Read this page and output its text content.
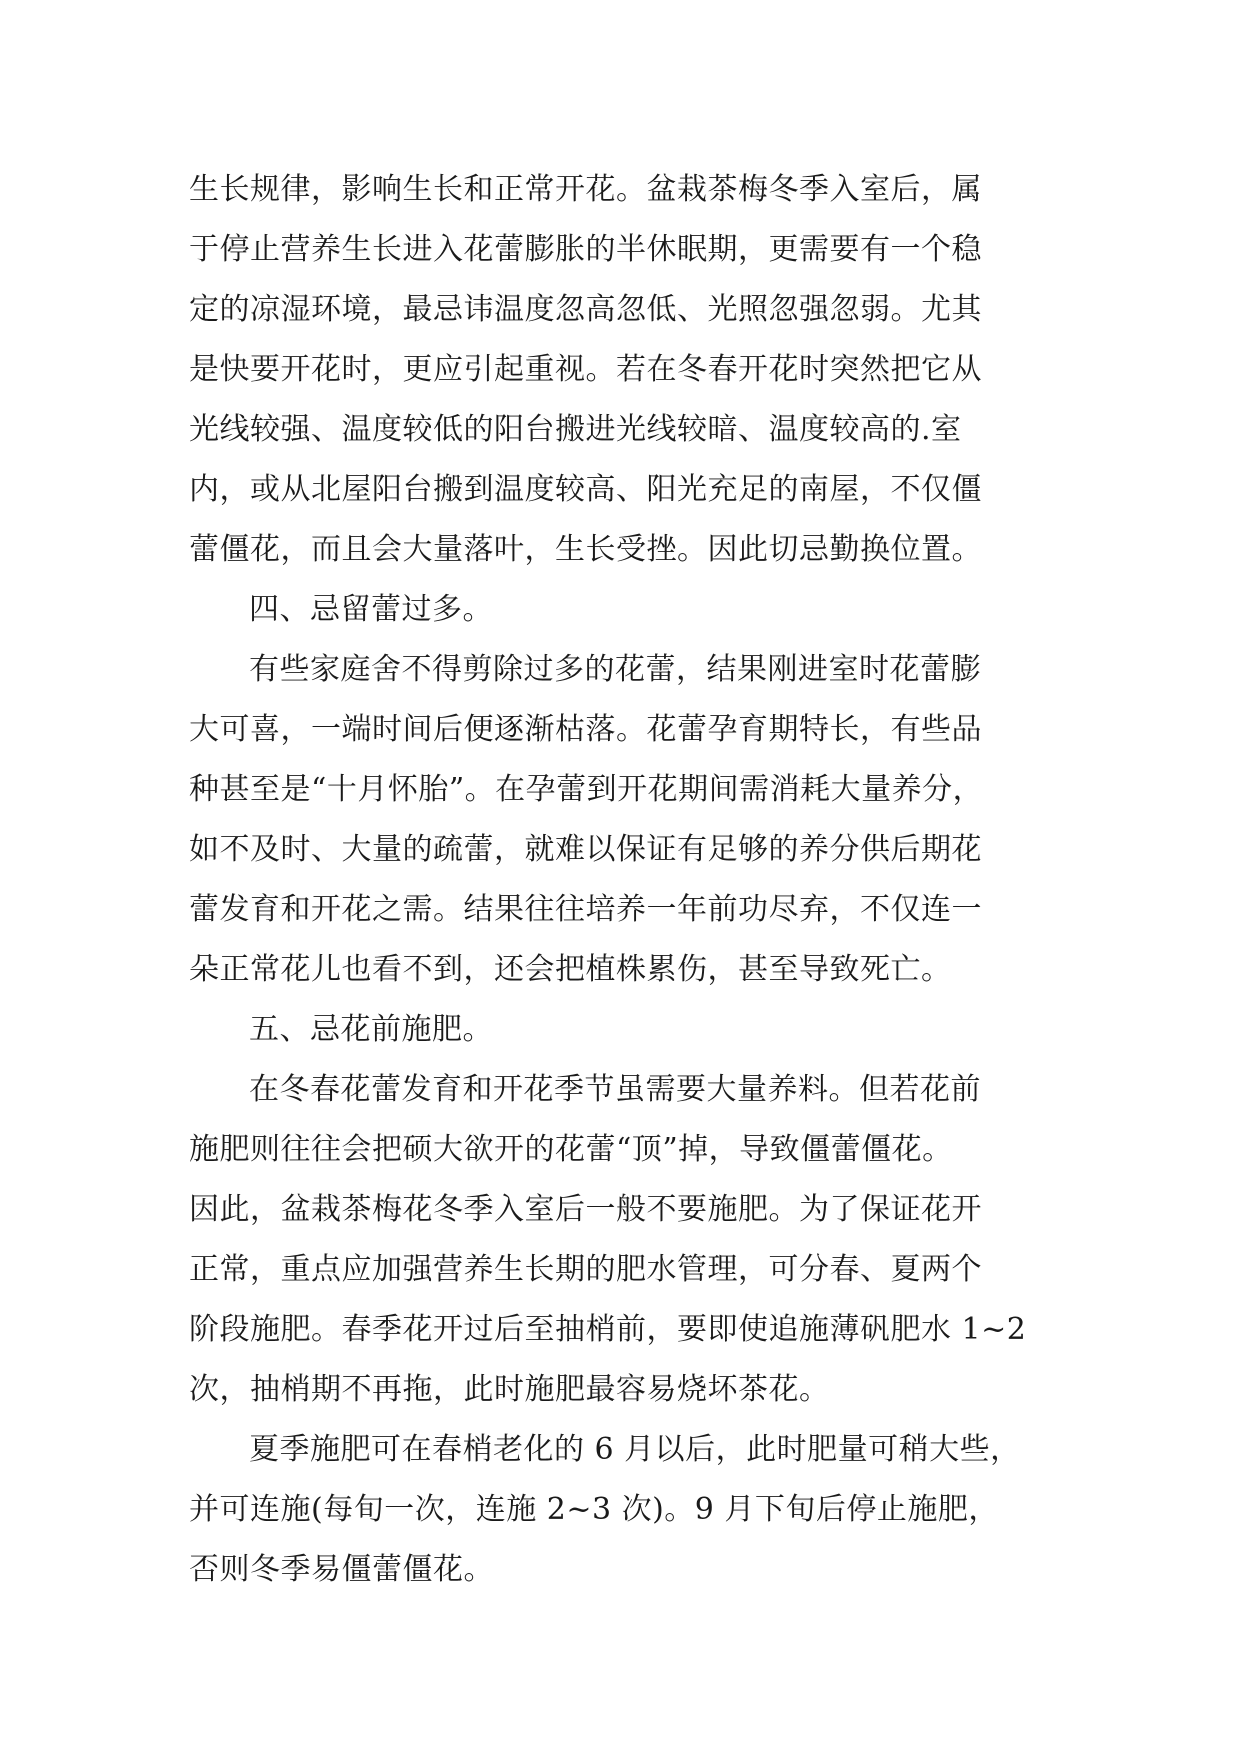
生长规律，影响生长和正常开花。盆栽茶梅冬季入室后，属
于停止营养生长进入花蕾膨胀的半休眠期，更需要有一个稳
定的凉湿环境，最忌讳温度忽高忽低、光照忽强忽弱。尤其
是快要开花时，更应引起重视。若在冬春开花时突然把它从
光线较强、温度较低的阳台搬进光线较暗、温度较高的.室
内，或从北屋阳台搬到温度较高、阳光充足的南屋，不仅僵
蕾僵花，而且会大量落叶，生长受挫。因此切忌勤换位置。
四、忌留蕾过多。
有些家庭舍不得剪除过多的花蕾，结果刚进室时花蕾膨
大可喜，一端时间后便逐渐枯落。花蕾孕育期特长，有些品
种甚至是“十月怀胎”。在孕蕾到开花期间需消耗大量养分，
如不及时、大量的疏蕾，就难以保证有足够的养分供后期花
蕾发育和开花之需。结果往往培养一年前功尽弃，不仅连一
朵正常花儿也看不到，还会把植株累伤，甚至导致死亡。
五、忌花前施肥。
在冬春花蕾发育和开花季节虽需要大量养料。但若花前
施肥则往往会把硕大欲开的花蕾“顶”掉，导致僵蕾僵花。
因此，盆栽茶梅花冬季入室后一般不要施肥。为了保证花开
正常，重点应加强营养生长期的肥水管理，可分春、夏两个
阶段施肥。春季花开过后至抽梢前，要即使追施薄矾肥水 1~2
次，抽梢期不再拖，此时施肥最容易烧坏茶花。
夏季施肥可在春梢老化的 6 月以后，此时肥量可稍大些，
并可连施(每旬一次，连施 2~3 次)。9 月下旬后停止施肥，
否则冬季易僵蕾僵花。
